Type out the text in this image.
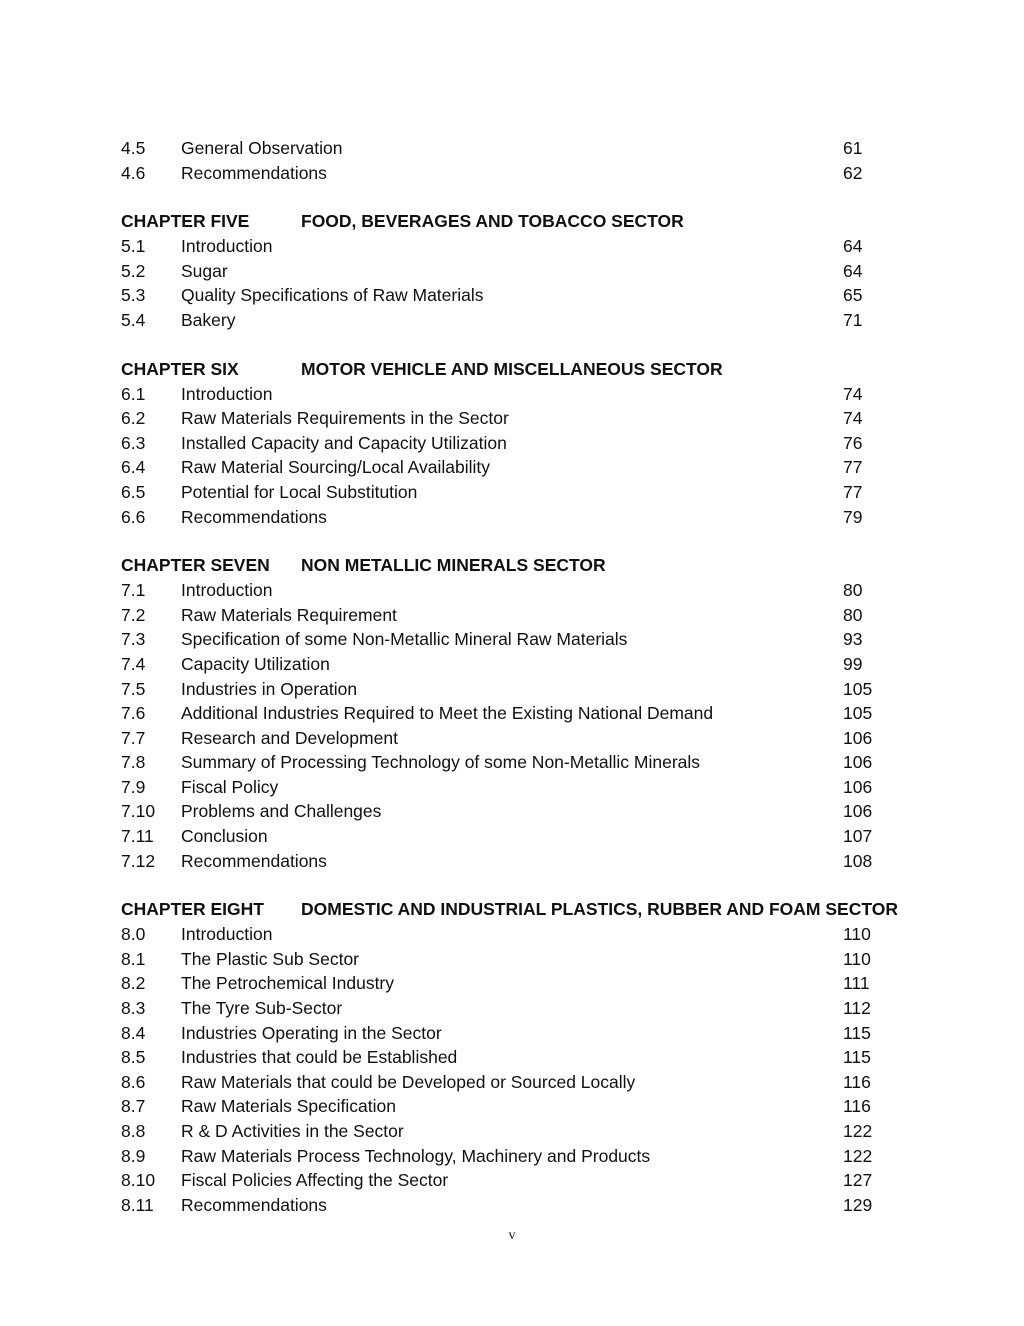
4.5 General Observation	61
4.6 Recommendations	62
CHAPTER FIVE	FOOD, BEVERAGES AND TOBACCO SECTOR
5.1 Introduction	64
5.2 Sugar	64
5.3 Quality Specifications of Raw Materials	65
5.4 Bakery	71
CHAPTER SIX	MOTOR VEHICLE AND MISCELLANEOUS SECTOR
6.1 Introduction	74
6.2 Raw Materials Requirements in the Sector	74
6.3 Installed Capacity and Capacity Utilization	76
6.4 Raw Material Sourcing/Local Availability	77
6.5 Potential for Local Substitution	77
6.6 Recommendations	79
CHAPTER SEVEN NON METALLIC MINERALS SECTOR
7.1 Introduction	80
7.2 Raw Materials Requirement	80
7.3 Specification of some Non-Metallic Mineral Raw Materials	93
7.4 Capacity Utilization	99
7.5 Industries in Operation	105
7.6 Additional Industries Required to Meet the Existing National Demand	105
7.7 Research and Development	106
7.8 Summary of Processing Technology of some Non-Metallic Minerals	106
7.9 Fiscal Policy	106
7.10 Problems and Challenges	106
7.11 Conclusion	107
7.12 Recommendations	108
CHAPTER EIGHT DOMESTIC AND INDUSTRIAL PLASTICS, RUBBER AND FOAM SECTOR
8.0 Introduction	110
8.1 The Plastic Sub Sector	110
8.2 The Petrochemical Industry	111
8.3 The Tyre Sub-Sector	112
8.4 Industries Operating in the Sector	115
8.5 Industries that could be Established	115
8.6 Raw Materials that could be Developed or Sourced Locally	116
8.7 Raw Materials Specification	116
8.8 R & D Activities in the Sector	122
8.9 Raw Materials Process Technology, Machinery and Products	122
8.10 Fiscal Policies Affecting the Sector	127
8.11 Recommendations	129
v
